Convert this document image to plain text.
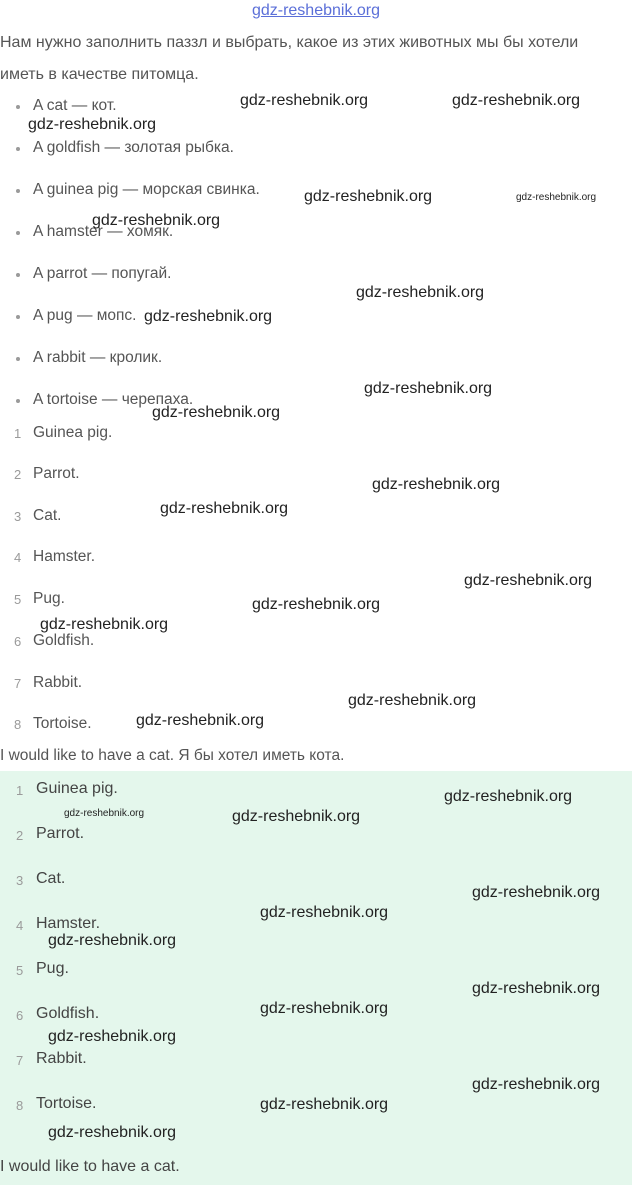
gdz-reshebnik.org
Нам нужно заполнить паззл и выбрать, какое из этих животных мы бы хотели
иметь в качестве питомца.
A cat — кот.
A goldfish — золотая рыбка.
A guinea pig — морская свинка.
A hamster — хомяк.
A parrot — попугай.
A pug — мопс.
A rabbit — кролик.
A tortoise — черепаха.
1 Guinea pig.
2 Parrot.
3 Cat.
4 Hamster.
5 Pug.
6 Goldfish.
7 Rabbit.
8 Tortoise.
I would like to have a cat. Я бы хотел иметь кота.
1 Guinea pig.
2 Parrot.
3 Cat.
4 Hamster.
5 Pug.
6 Goldfish.
7 Rabbit.
8 Tortoise.
I would like to have a cat.
gdz-reshebnik.org	gdz-reshebnik.org
gdz-reshebnik.org
gdz-reshebnik.org	gdz-reshebnik.org
gdz-reshebnik.org
gdz-reshebnik.org
gdz-reshebnik.org
gdz-reshebnik.org
gdz-reshebnik.org
gdz-reshebnik.org
gdz-reshebnik.org
gdz-reshebnik.org
gdz-reshebnik.org
gdz-reshebnik.org
gdz-reshebnik.org
gdz-reshebnik.org
gdz-reshebnik.org
gdz-reshebnik.org	gdz-reshebnik.org
gdz-reshebnik.org
gdz-reshebnik.org
gdz-reshebnik.org
gdz-reshebnik.org
gdz-reshebnik.org
gdz-reshebnik.org
gdz-reshebnik.org
gdz-reshebnik.org
gdz-reshebnik.org
